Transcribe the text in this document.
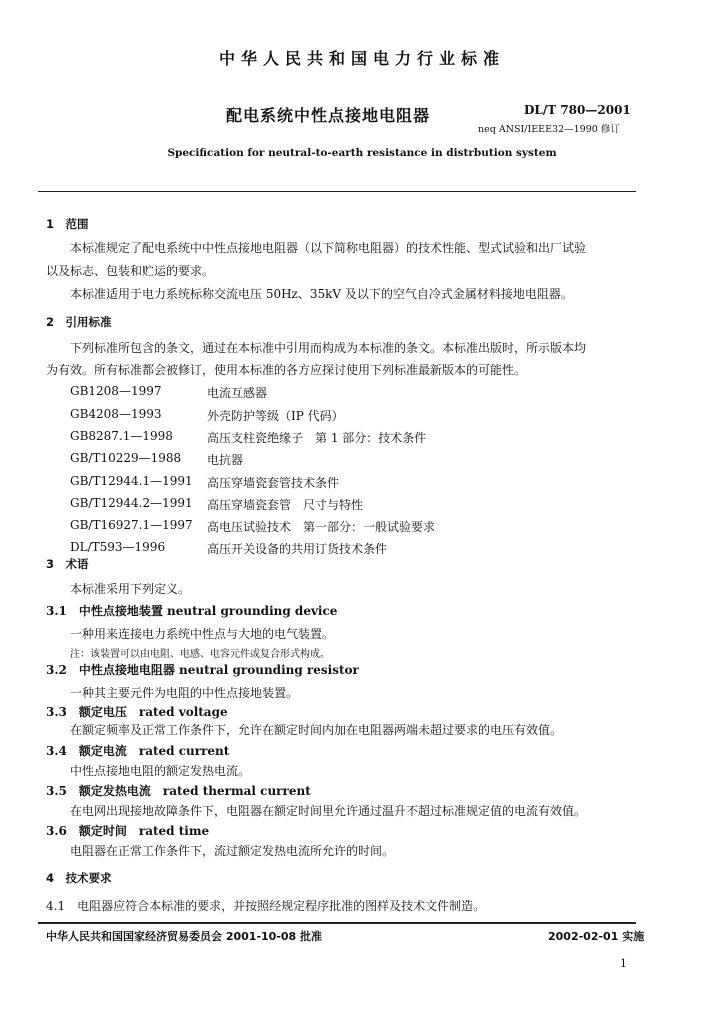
中华人民共和国电力行业标准
配电系统中性点接地电阻器	DL/T 780—2001
neq ANSI/IEEE32—1990 修订
Specification for neutral-to-earth resistance in distrbution system
1　范围
本标准规定了配电系统中中性点接地电阻器（以下简称电阻器）的技术性能、型式试验和出厂试验
以及标志、包装和贮运的要求。
本标准适用于电力系统标称交流电压 50Hz、35kV 及以下的空气自冷式金属材料接地电阻器。
2　引用标准
下列标准所包含的条文，通过在本标准中引用而构成为本标准的条文。本标准出版时，所示版本均
为有效。所有标准都会被修订，使用本标准的各方应探讨使用下列标准最新版本的可能性。
GB1208—1997	电流互感器
GB4208—1993	外壳防护等级（IP 代码）
GB8287.1—1998	高压支柱瓷绝缘子　第 1 部分：技术条件
GB/T10229—1988 电抗器
GB/T12944.1—1991 高压穿墙瓷套管技术条件
GB/T12944.2—1991 高压穿墙瓷套管　尺寸与特性
GB/T16927.1—1997 高电压试验技术　第一部分：一般试验要求
DL/T593—1996	高压开关设备的共用订货技术条件
3　术语
本标准采用下列定义。
3.1　中性点接地装置 neutral grounding device
一种用来连接电力系统中性点与大地的电气装置。
注：该装置可以由电阻、电感、电容元件或复合形式构成。
3.2　中性点接地电阻器 neutral grounding resistor
一种其主要元件为电阻的中性点接地装置。
3.3　额定电压　rated voltage
在额定频率及正常工作条件下，允许在额定时间内加在电阻器两端未超过要求的电压有效值。
3.4　额定电流　rated current
中性点接地电阻的额定发热电流。
3.5　额定发热电流　rated thermal current
在电网出现接地故障条件下，电阻器在额定时间里允许通过温升不超过标准规定值的电流有效值。
3.6　额定时间　rated time
电阻器在正常工作条件下，流过额定发热电流所允许的时间。
4　技术要求
4.1　电阻器应符合本标准的要求，并按照经规定程序批准的图样及技术文件制造。
中华人民共和国国家经济贸易委员会 2001-10-08 批准	2002-02-01 实施
1
